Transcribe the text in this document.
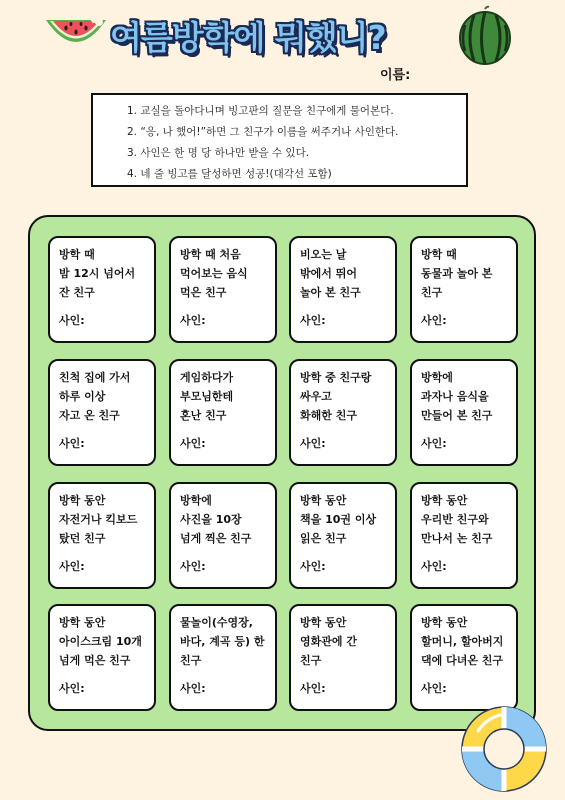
여름방학에 뭐했니?
이름:
1. 교실을 돌아다니며 빙고판의 질문을 친구에게 물어본다.
2. “응, 나 했어!”하면 그 친구가 이름을 써주거나 사인한다.
3. 사인은 한 명 당 하나만 받을 수 있다.
4. 네 줄 빙고를 달성하면 성공!(대각선 포함)
방학 때
밤 12시 넘어서
잔 친구
사인:
방학 때 처음
먹어보는 음식
먹은 친구
사인:
비오는 날
밖에서 뛰어
놀아 본 친구
사인:
방학 때
동물과 놀아 본
친구
사인:
친척 집에 가서
하루 이상
자고 온 친구
사인:
게임하다가
부모님한테
혼난 친구
사인:
방학 중 친구랑
싸우고
화해한 친구
사인:
방학에
과자나 음식을
만들어 본 친구
사인:
방학 동안
자전거나 킥보드
탔던 친구
사인:
방학에
사진을 10장
넘게 찍은 친구
사인:
방학 동안
책을 10권 이상
읽은 친구
사인:
방학 동안
우리반 친구와
만나서 논 친구
사인:
방학 동안
아이스크림 10개
넘게 먹은 친구
사인:
물놀이(수영장,
바다, 계곡 등) 한
친구
사인:
방학 동안
영화관에 간
친구
사인:
방학 동안
할머니, 할아버지
댁에 다녀온 친구
사인:
